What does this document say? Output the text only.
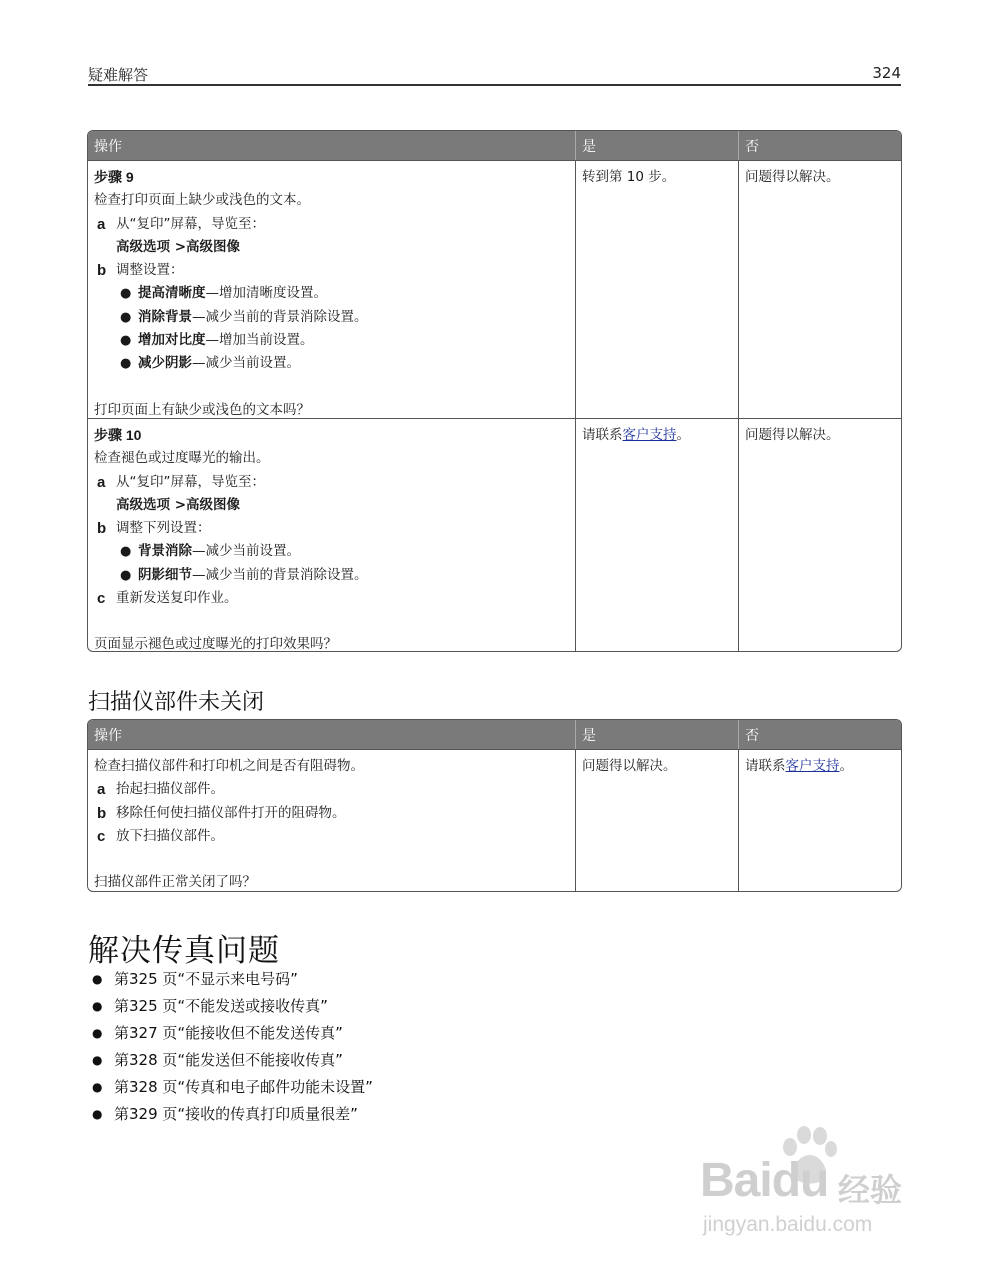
疑难解答	324
操作	是	否
步骤 9
检查打印页面上缺少或浅色的文本。
a 从“复印”屏幕，导览至：
高级选项 >高级图像
b 调整设置：
● 提高清晰度—增加清晰度设置。
● 消除背景—减少当前的背景消除设置。
● 增加对比度—增加当前设置。
● 减少阴影—减少当前设置。
打印页面上有缺少或浅色的文本吗？
转到第 10 步。	问题得以解决。
步骤 10
检查褪色或过度曝光的输出。
a 从“复印”屏幕，导览至：
高级选项 >高级图像
b 调整下列设置：
● 背景消除—减少当前设置。
● 阴影细节—减少当前的背景消除设置。
c 重新发送复印作业。
页面显示褪色或过度曝光的打印效果吗？
请联系客户支持。	问题得以解决。
扫描仪部件未关闭
操作	是	否
检查扫描仪部件和打印机之间是否有阻碍物。
a 抬起扫描仪部件。
b 移除任何使扫描仪部件打开的阻碍物。
c 放下扫描仪部件。
扫描仪部件正常关闭了吗？
问题得以解决。	请联系客户支持。
解决传真问题
● 第325 页“不显示来电号码”
● 第325 页“不能发送或接收传真”
● 第327 页“能接收但不能发送传真”
● 第328 页“能发送但不能接收传真”
● 第328 页“传真和电子邮件功能未设置”
● 第329 页“接收的传真打印质量很差”
Baidu 经验
jingyan.baidu.com
